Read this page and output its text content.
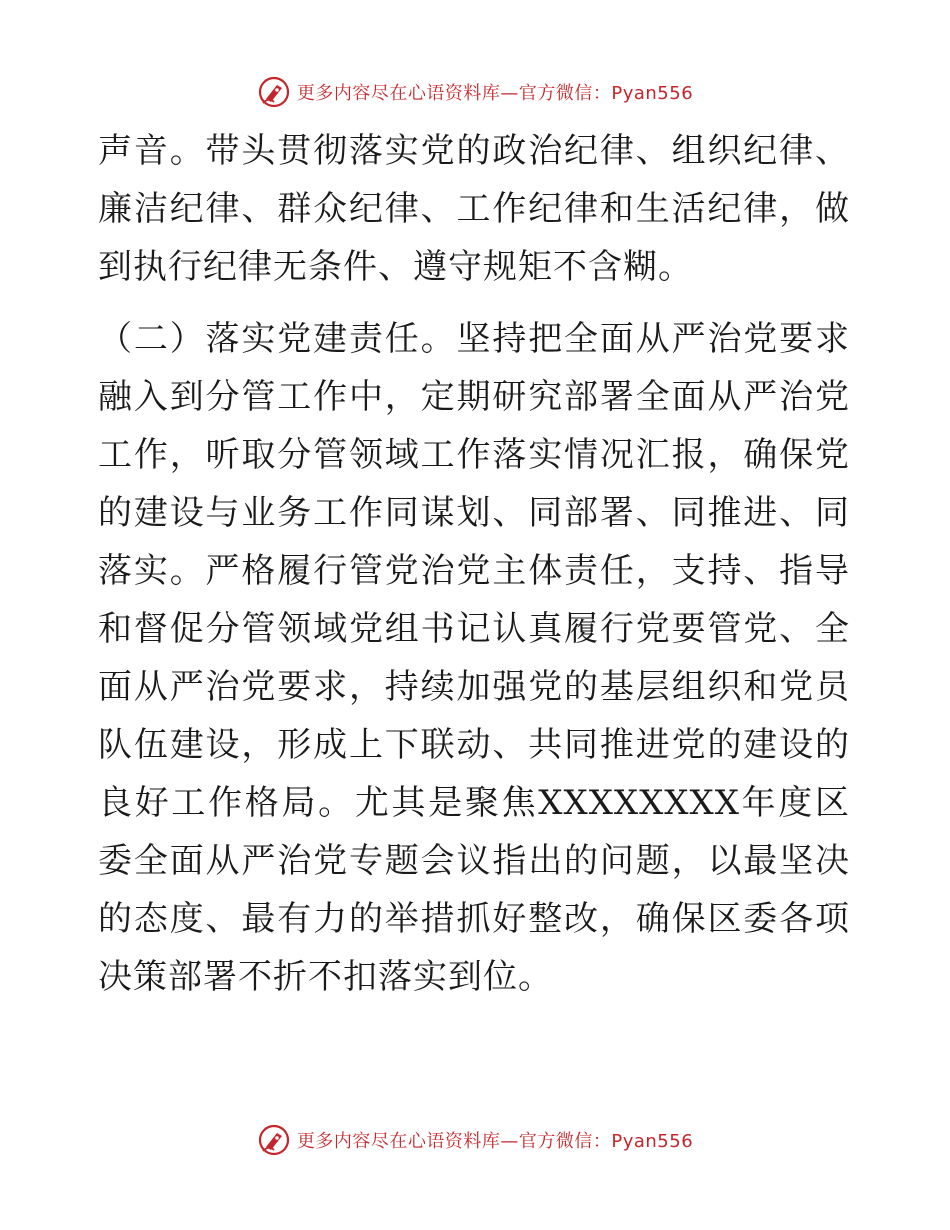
更多内容尽在心语资料库—官方微信：Pyan556

声音。带头贯彻落实党的政治纪律、组织纪律、廉洁纪律、群众纪律、工作纪律和生活纪律，做到执行纪律无条件、遵守规矩不含糊。

（二）落实党建责任。坚持把全面从严治党要求融入到分管工作中，定期研究部署全面从严治党工作，听取分管领域工作落实情况汇报，确保党的建设与业务工作同谋划、同部署、同推进、同落实。严格履行管党治党主体责任，支持、指导和督促分管领域党组书记认真履行党要管党、全面从严治党要求，持续加强党的基层组织和党员队伍建设，形成上下联动、共同推进党的建设的良好工作格局。尤其是聚焦XXXXXXXX年度区委全面从严治党专题会议指出的问题，以最坚决的态度、最有力的举措抓好整改，确保区委各项决策部署不折不扣落实到位。

更多内容尽在心语资料库—官方微信：Pyan556
